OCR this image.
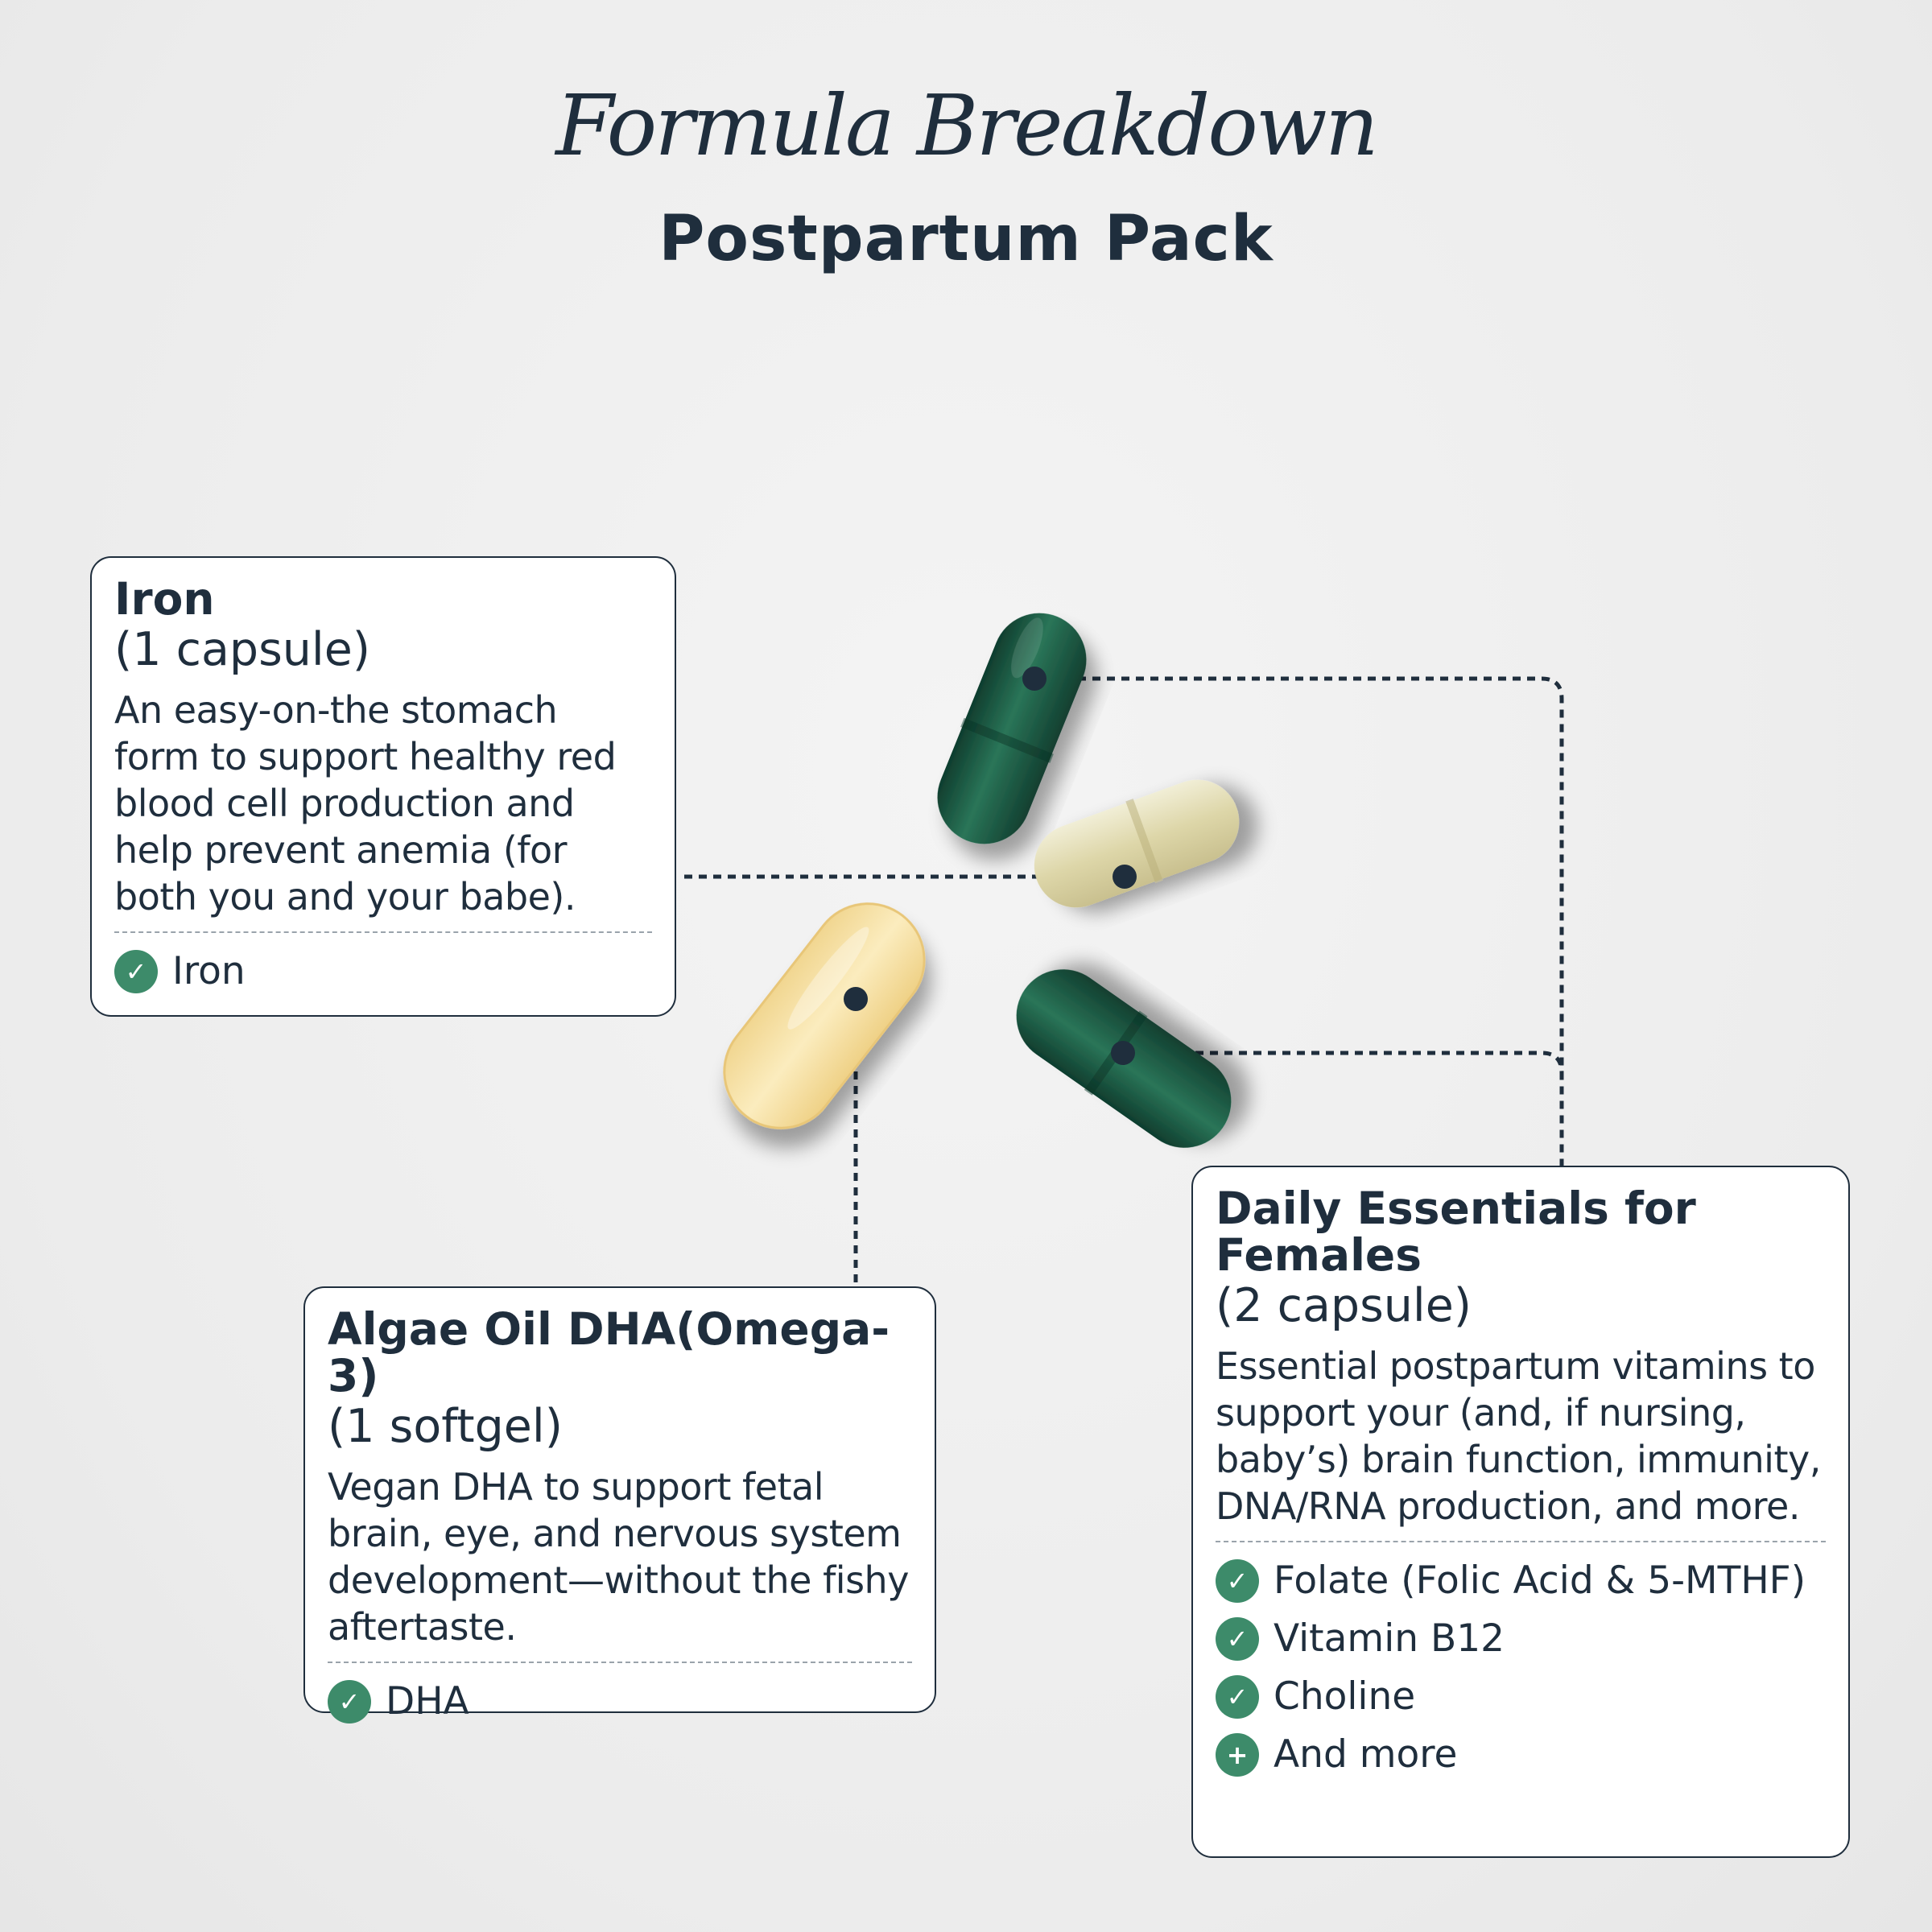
Formula Breakdown
Postpartum Pack
Iron
(1 capsule)
An easy-on-the stomach form to support healthy red blood cell production and help prevent anemia (for both you and your babe).
✓ Iron
Algae Oil DHA(Omega-3)
(1 softgel)
Vegan DHA to support fetal brain, eye, and nervous system development—without the fishy aftertaste.
✓ DHA
Daily Essentials for Females
(2 capsule)
Essential postpartum vitamins to support your (and, if nursing, baby’s) brain function, immunity, DNA/RNA production, and more.
✓ Folate (Folic Acid & 5-MTHF)
✓ Vitamin B12
✓ Choline
+ And more
